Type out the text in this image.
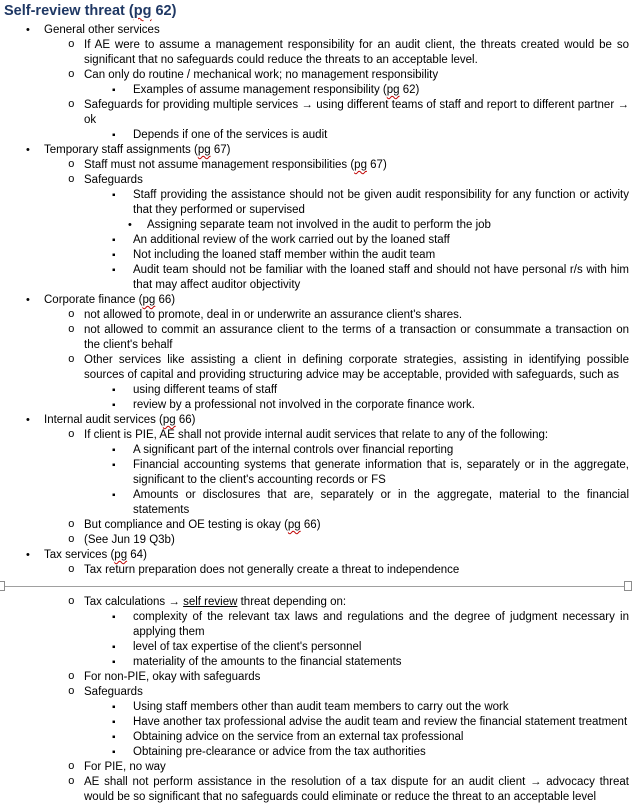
Self-review threat (pg 62)
• General other services
o If AE were to assume a management responsibility for an audit client, the threats created would be so significant that no safeguards could reduce the threats to an acceptable level.
o Can only do routine / mechanical work; no management responsibility
▪ Examples of assume management responsibility (pg 62)
o Safeguards for providing multiple services → using different teams of staff and report to different partner → ok
▪ Depends if one of the services is audit
• Temporary staff assignments (pg 67)
o Staff must not assume management responsibilities (pg 67)
o Safeguards
▪ Staff providing the assistance should not be given audit responsibility for any function or activity that they performed or supervised
• Assigning separate team not involved in the audit to perform the job
▪ An additional review of the work carried out by the loaned staff
▪ Not including the loaned staff member within the audit team
▪ Audit team should not be familiar with the loaned staff and should not have personal r/s with him that may affect auditor objectivity
• Corporate finance (pg 66)
o not allowed to promote, deal in or underwrite an assurance client's shares.
o not allowed to commit an assurance client to the terms of a transaction or consummate a transaction on the client's behalf
o Other services like assisting a client in defining corporate strategies, assisting in identifying possible sources of capital and providing structuring advice may be acceptable, provided with safeguards, such as
▪ using different teams of staff
▪ review by a professional not involved in the corporate finance work.
• Internal audit services (pg 66)
o If client is PIE, AE shall not provide internal audit services that relate to any of the following:
▪ A significant part of the internal controls over financial reporting
▪ Financial accounting systems that generate information that is, separately or in the aggregate, significant to the client's accounting records or FS
▪ Amounts or disclosures that are, separately or in the aggregate, material to the financial statements
o But compliance and OE testing is okay (pg 66)
o (See Jun 19 Q3b)
• Tax services (pg 64)
o Tax return preparation does not generally create a threat to independence
o Tax calculations → self review threat depending on:
▪ complexity of the relevant tax laws and regulations and the degree of judgment necessary in applying them
▪ level of tax expertise of the client's personnel
▪ materiality of the amounts to the financial statements
o For non-PIE, okay with safeguards
o Safeguards
▪ Using staff members other than audit team members to carry out the work
▪ Have another tax professional advise the audit team and review the financial statement treatment
▪ Obtaining advice on the service from an external tax professional
▪ Obtaining pre-clearance or advice from the tax authorities
o For PIE, no way
o AE shall not perform assistance in the resolution of a tax dispute for an audit client → advocacy threat would be so significant that no safeguards could eliminate or reduce the threat to an acceptable level
